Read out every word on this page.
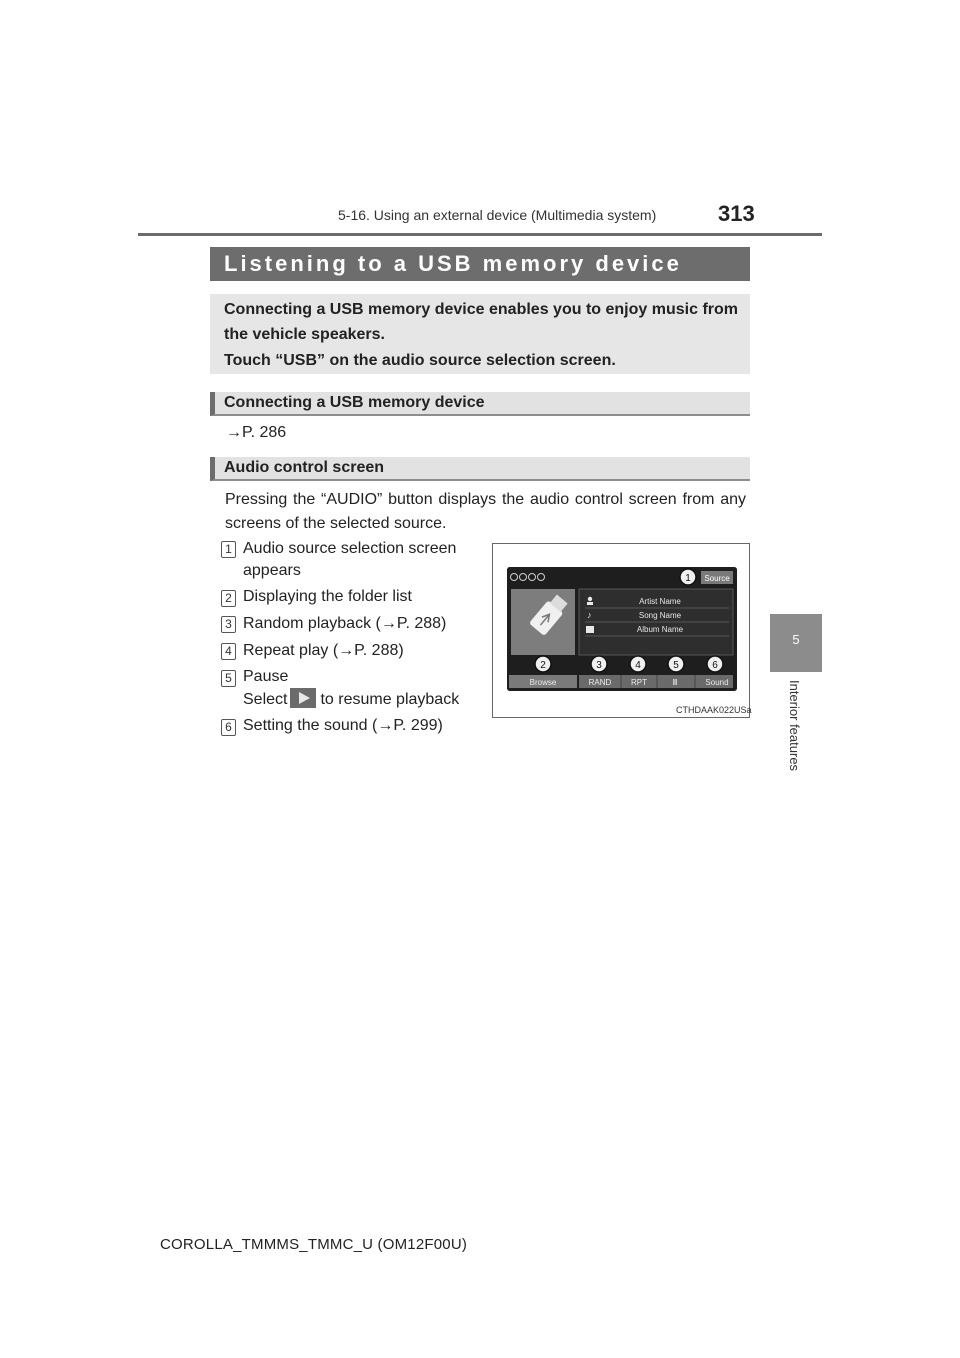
5-16. Using an external device (Multimedia system)	313
5
Interior features
Listening to a USB memory device

Connecting a USB memory device enables you to enjoy music from the vehicle speakers.

Touch “USB” on the audio source selection screen.

Connecting a USB memory device
→P. 286
Audio control screen
Pressing the “AUDIO” button displays the audio control screen from any screens of the selected source.
1 Audio source selection screen
appears
2 Displaying the folder list
3 Random playback (→P. 288)
4 Repeat play (→P. 288)
5 Pause
Select to resume playback
6 Setting the sound (→P. 299)
Source
Artist Name
♪	Song Name
Album Name
Browse	RAND RPT	II	Sound
1
2	3	4	5	6
CTHDAAK022USa
COROLLA_TMMMS_TMMC_U (OM12F00U)
